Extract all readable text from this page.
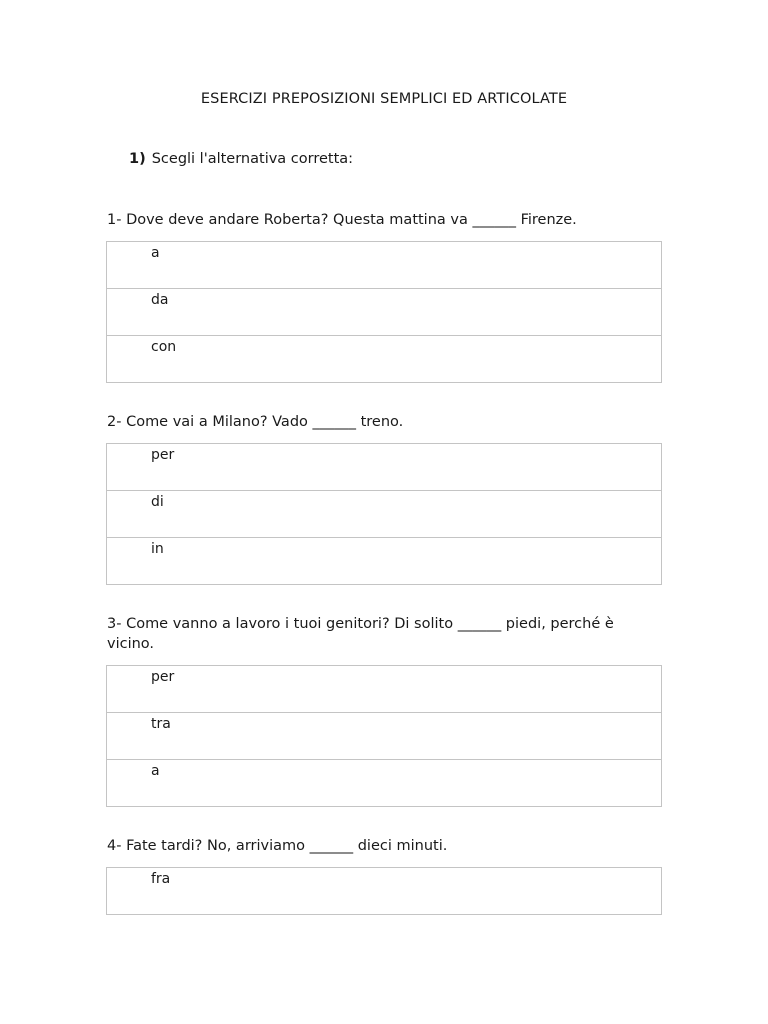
ESERCIZI PREPOSIZIONI SEMPLICI ED ARTICOLATE
1) Scegli l'alternativa corretta:
1- Dove deve andare Roberta? Questa mattina va ______ Firenze.
a
da
con
2- Come vai a Milano? Vado ______ treno.
per
di
in
3- Come vanno a lavoro i tuoi genitori? Di solito ______ piedi, perché è vicino.
per
tra
a
4- Fate tardi? No, arriviamo ______ dieci minuti.
fra
